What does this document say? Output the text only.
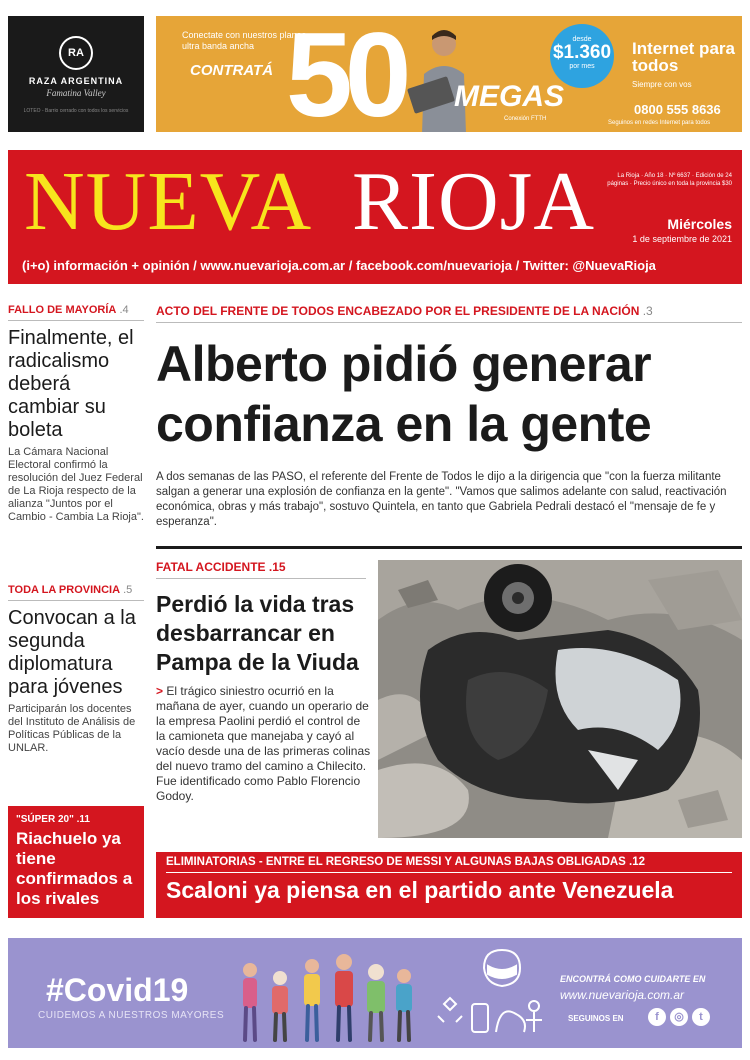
RA
RAZA ARGENTINA
Famatina Valley
LOTEO - Barrio cerrado con todos los servicios
Conectate con nuestros planes ultra banda ancha
CONTRATÁ 50 MEGAS
Conexión FTTH
desde
$1.360
por mes
Internet para todos
Siempre con vos
0800 555 8636
Seguinos en redes Internet para todos
NUEVA RIOJA	La Rioja · Año 18 · Nº 6637 · Edición de 24 páginas · Precio único en toda la provincia $30
Miércoles
1 de septiembre de 2021
(i+o) información + opinión / www.nuevarioja.com.ar / facebook.com/nuevarioja / Twitter: @NuevaRioja
FALLO DE MAYORÍA .4
Finalmente, el radicalismo deberá cambiar su boleta
La Cámara Nacional Electoral confirmó la resolución del Juez Federal de La Rioja respecto de la alianza "Juntos por el Cambio - Cambia La Rioja".
TODA LA PROVINCIA .5
Convocan a la segunda diplomatura para jóvenes
Participarán los docentes del Instituto de Análisis de Políticas Públicas de la UNLAR.
"SÚPER 20" .11
Riachuelo ya tiene confirmados a los rivales
ACTO DEL FRENTE DE TODOS ENCABEZADO POR EL PRESIDENTE DE LA NACIÓN .3
Alberto pidió generar confianza en la gente
A dos semanas de las PASO, el referente del Frente de Todos le dijo a la dirigencia que "con la fuerza militante salgan a generar una explosión de confianza en la gente". "Vamos que salimos adelante con salud, reactivación económica, obras y más trabajo", sostuvo Quintela, en tanto que Gabriela Pedrali destacó el "mensaje de fe y esperanza".
FATAL ACCIDENTE .15
Perdió la vida tras desbarrancar en Pampa de la Viuda
> El trágico siniestro ocurrió en la mañana de ayer, cuando un operario de la empresa Paolini perdió el control de la camioneta que manejaba y cayó al vacío desde una de las primeras colinas del nuevo tramo del camino a Chilecito. Fue identificado como Pablo Florencio Godoy.
ELIMINATORIAS - ENTRE EL REGRESO DE MESSI Y ALGUNAS BAJAS OBLIGADAS .12
Scaloni ya piensa en el partido ante Venezuela
#Covid19
CUIDEMOS A NUESTROS MAYORES
ENCONTRÁ COMO CUIDARTE EN
www.nuevarioja.com.ar
SEGUINOS EN	f	◎	t
